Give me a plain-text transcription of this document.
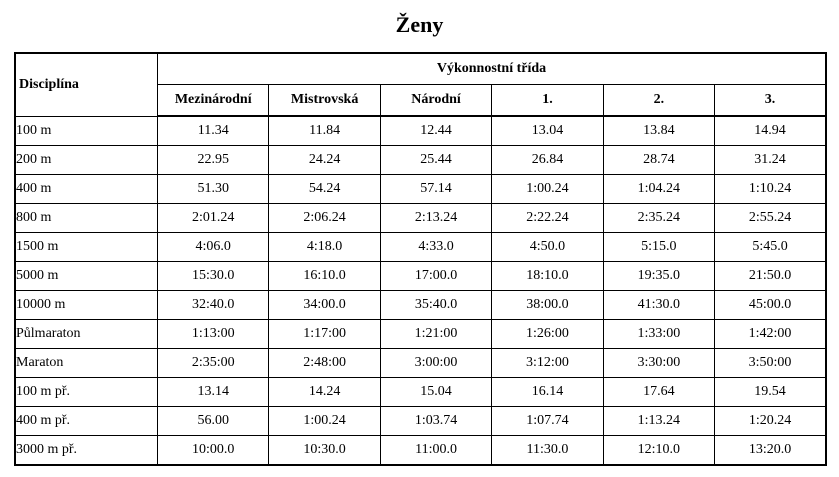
Ženy
Disciplína	Výkonnostní třída					
	Mezinárodní	Mistrovská	Národní	1.	2.	3.
100 m	11.34	11.84	12.44	13.04	13.84	14.94
200 m	22.95	24.24	25.44	26.84	28.74	31.24
400 m	51.30	54.24	57.14	1:00.24	1:04.24	1:10.24
800 m	2:01.24	2:06.24	2:13.24	2:22.24	2:35.24	2:55.24
1500 m	4:06.0	4:18.0	4:33.0	4:50.0	5:15.0	5:45.0
5000 m	15:30.0	16:10.0	17:00.0	18:10.0	19:35.0	21:50.0
10000 m	32:40.0	34:00.0	35:40.0	38:00.0	41:30.0	45:00.0
Půlmaraton	1:13:00	1:17:00	1:21:00	1:26:00	1:33:00	1:42:00
Maraton	2:35:00	2:48:00	3:00:00	3:12:00	3:30:00	3:50:00
100 m př.	13.14	14.24	15.04	16.14	17.64	19.54
400 m př.	56.00	1:00.24	1:03.74	1:07.74	1:13.24	1:20.24
3000 m př.	10:00.0	10:30.0	11:00.0	11:30.0	12:10.0	13:20.0
